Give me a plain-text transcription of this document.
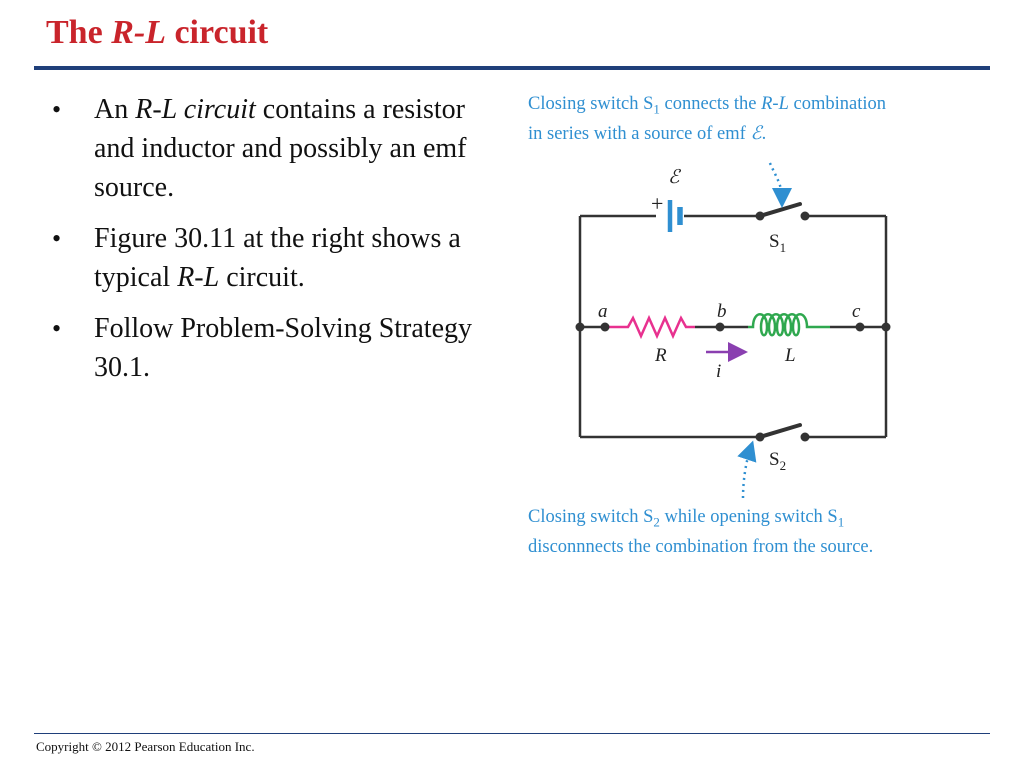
The R-L circuit
• An R-L circuit contains a resistor and inductor and possibly an emf source.
• Figure 30.11 at the right shows a typical R-L circuit.
• Follow Problem-Solving Strategy 30.1.
Closing switch $S_1$ connects the R-L combination
in series with a source of emf ℰ.
ℰ
+
$S_1$
a	b	c
R	L
i
$S_2$
Closing switch $S_2$ while opening switch $S_1$
disconnnects the combination from the source.
Copyright © 2012 Pearson Education Inc.
